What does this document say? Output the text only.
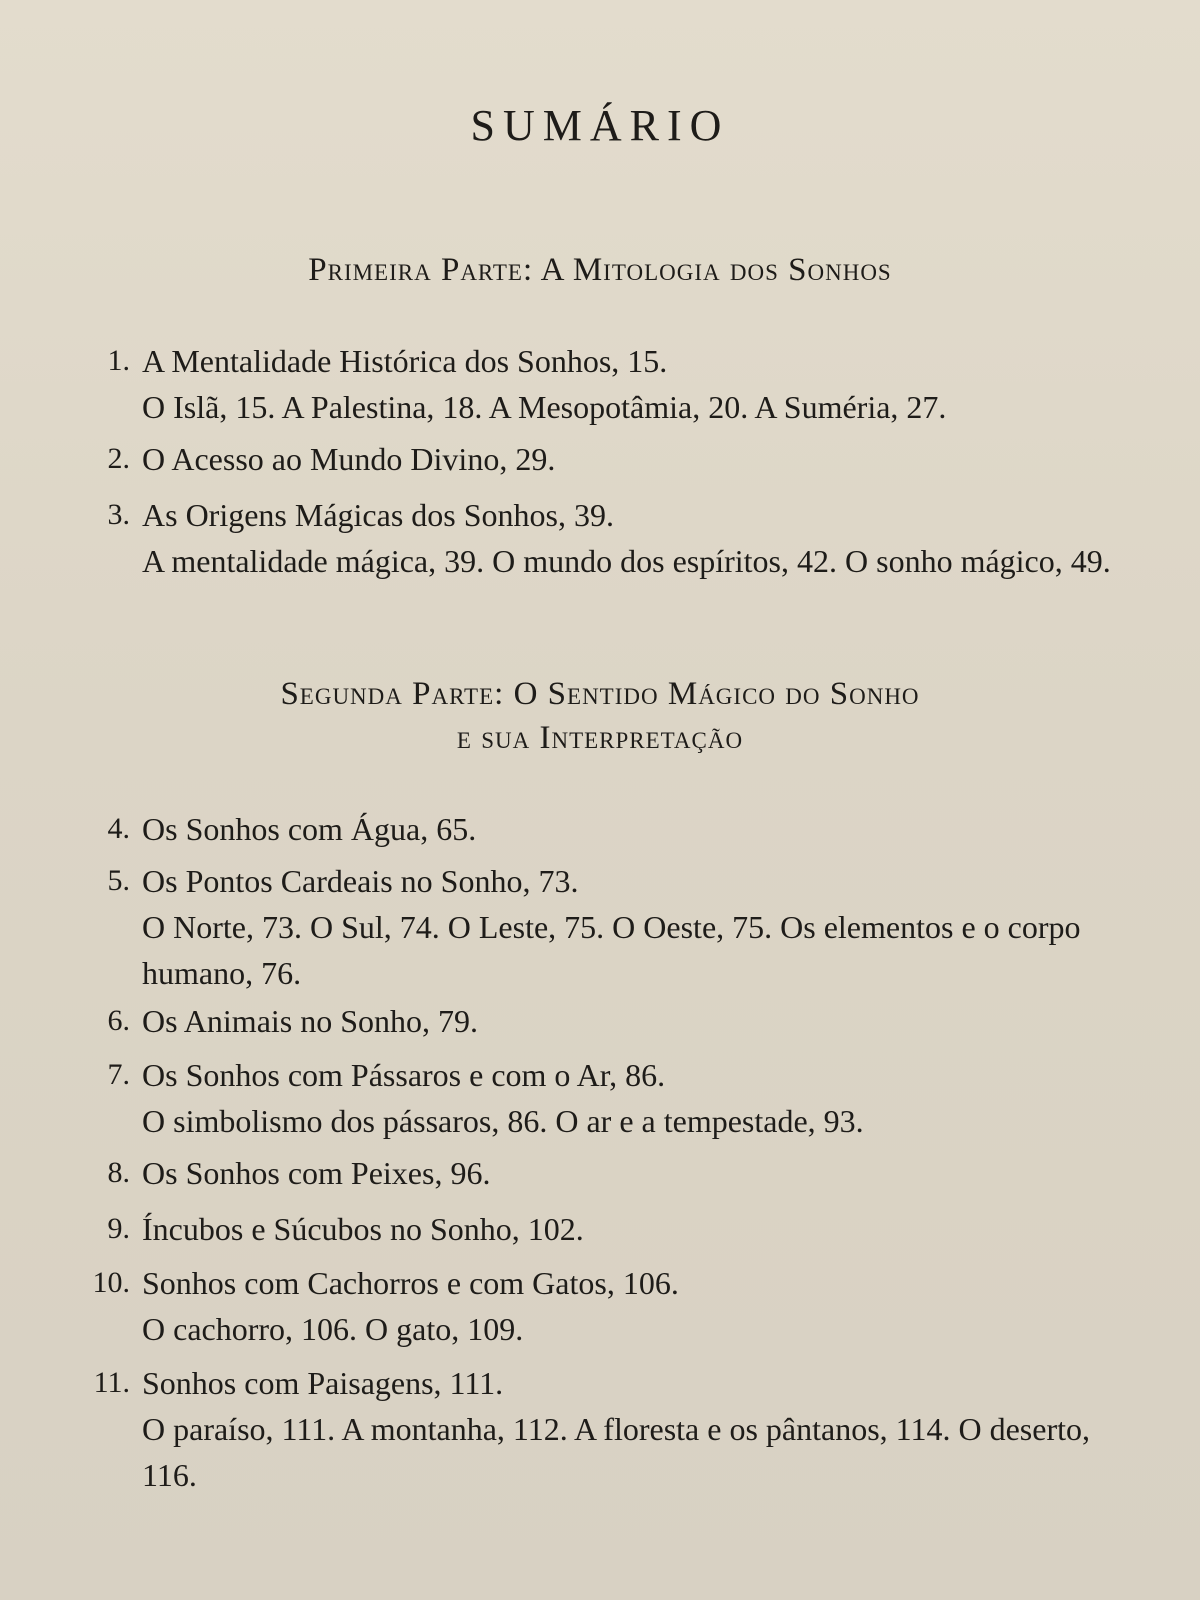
SUMÁRIO
Primeira Parte: A Mitologia dos Sonhos
1. A Mentalidade Histórica dos Sonhos, 15.
O Islã, 15. A Palestina, 18. A Mesopotâmia, 20. A Suméria, 27.
2. O Acesso ao Mundo Divino, 29.
3. As Origens Mágicas dos Sonhos, 39.
A mentalidade mágica, 39. O mundo dos espíritos, 42. O sonho mágico, 49.
Segunda Parte: O Sentido Mágico do Sonho
e sua Interpretação
4. Os Sonhos com Água, 65.
5. Os Pontos Cardeais no Sonho, 73.
O Norte, 73. O Sul, 74. O Leste, 75. O Oeste, 75. Os elementos e o corpo humano, 76.
6. Os Animais no Sonho, 79.
7. Os Sonhos com Pássaros e com o Ar, 86.
O simbolismo dos pássaros, 86. O ar e a tempestade, 93.
8. Os Sonhos com Peixes, 96.
9. Íncubos e Súcubos no Sonho, 102.
10. Sonhos com Cachorros e com Gatos, 106.
O cachorro, 106. O gato, 109.
11. Sonhos com Paisagens, 111.
O paraíso, 111. A montanha, 112. A floresta e os pântanos, 114. O deserto, 116.
